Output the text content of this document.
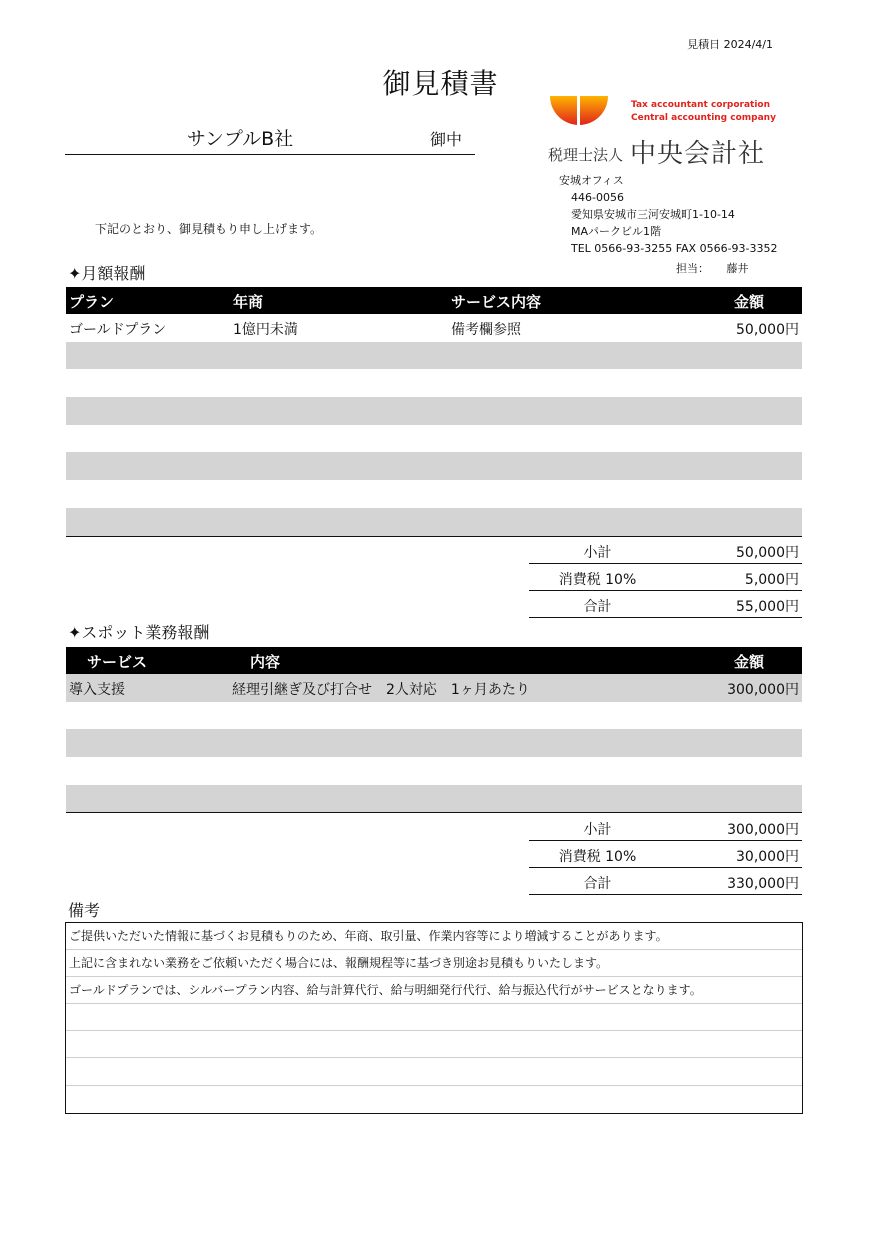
見積日 2024/4/1
御見積書
サンプルB社	御中
下記のとおり、御見積もり申し上げます。
Tax accountant corporation
Central accounting company
税理士法人 中央会計社
安城オフィス
446-0056
愛知県安城市三河安城町1-10-14
MAパークビル1階
TEL 0566-93-3255 FAX 0566-93-3352
担当： 藤井
✦月額報酬
プラン	年商	サービス内容	金額
ゴールドプラン	1億円未満	備考欄参照	50,000円
小計	50,000円
消費税 10%	5,000円
合計	55,000円
✦スポット業務報酬
サービス	内容	金額
導入支援	経理引継ぎ及び打合せ　2人対応　1ヶ月あたり	300,000円
小計	300,000円
消費税 10%	30,000円
合計	330,000円
備考
ご提供いただいた情報に基づくお見積もりのため、年商、取引量、作業内容等により増減することがあります。
上記に含まれない業務をご依頼いただく場合には、報酬規程等に基づき別途お見積もりいたします。
ゴールドプランでは、シルバープラン内容、給与計算代行、給与明細発行代行、給与振込代行がサービスとなります。
